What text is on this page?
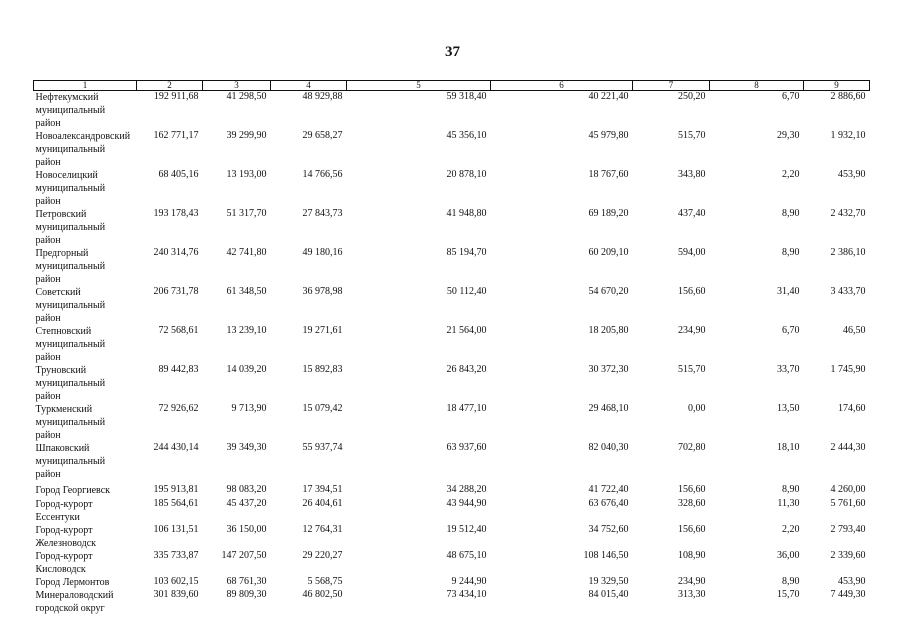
37
1	2	3	4	5	6	7	8	9
Нефтекумский муниципальный район	192 911,68	41 298,50	48 929,88	59 318,40	40 221,40	250,20	6,70	2 886,60
Новоалександровский муниципальный район	162 771,17	39 299,90	29 658,27	45 356,10	45 979,80	515,70	29,30	1 932,10
Новоселицкий муниципальный район	68 405,16	13 193,00	14 766,56	20 878,10	18 767,60	343,80	2,20	453,90
Петровский муниципальный район	193 178,43	51 317,70	27 843,73	41 948,80	69 189,20	437,40	8,90	2 432,70
Предгорный муниципальный район	240 314,76	42 741,80	49 180,16	85 194,70	60 209,10	594,00	8,90	2 386,10
Советский муниципальный район	206 731,78	61 348,50	36 978,98	50 112,40	54 670,20	156,60	31,40	3 433,70
Степновский муниципальный район	72 568,61	13 239,10	19 271,61	21 564,00	18 205,80	234,90	6,70	46,50
Труновский муниципальный район	89 442,83	14 039,20	15 892,83	26 843,20	30 372,30	515,70	33,70	1 745,90
Туркменский муниципальный район	72 926,62	9 713,90	15 079,42	18 477,10	29 468,10	0,00	13,50	174,60
Шпаковский муниципальный район	244 430,14	39 349,30	55 937,74	63 937,60	82 040,30	702,80	18,10	2 444,30
Город Георгиевск	195 913,81	98 083,20	17 394,51	34 288,20	41 722,40	156,60	8,90	4 260,00
Город-курорт Ессентуки	185 564,61	45 437,20	26 404,61	43 944,90	63 676,40	328,60	11,30	5 761,60
Город-курорт Железноводск	106 131,51	36 150,00	12 764,31	19 512,40	34 752,60	156,60	2,20	2 793,40
Город-курорт Кисловодск	335 733,87	147 207,50	29 220,27	48 675,10	108 146,50	108,90	36,00	2 339,60
Город Лермонтов	103 602,15	68 761,30	5 568,75	9 244,90	19 329,50	234,90	8,90	453,90
Минераловодский городской округ	301 839,60	89 809,30	46 802,50	73 434,10	84 015,40	313,30	15,70	7 449,30
